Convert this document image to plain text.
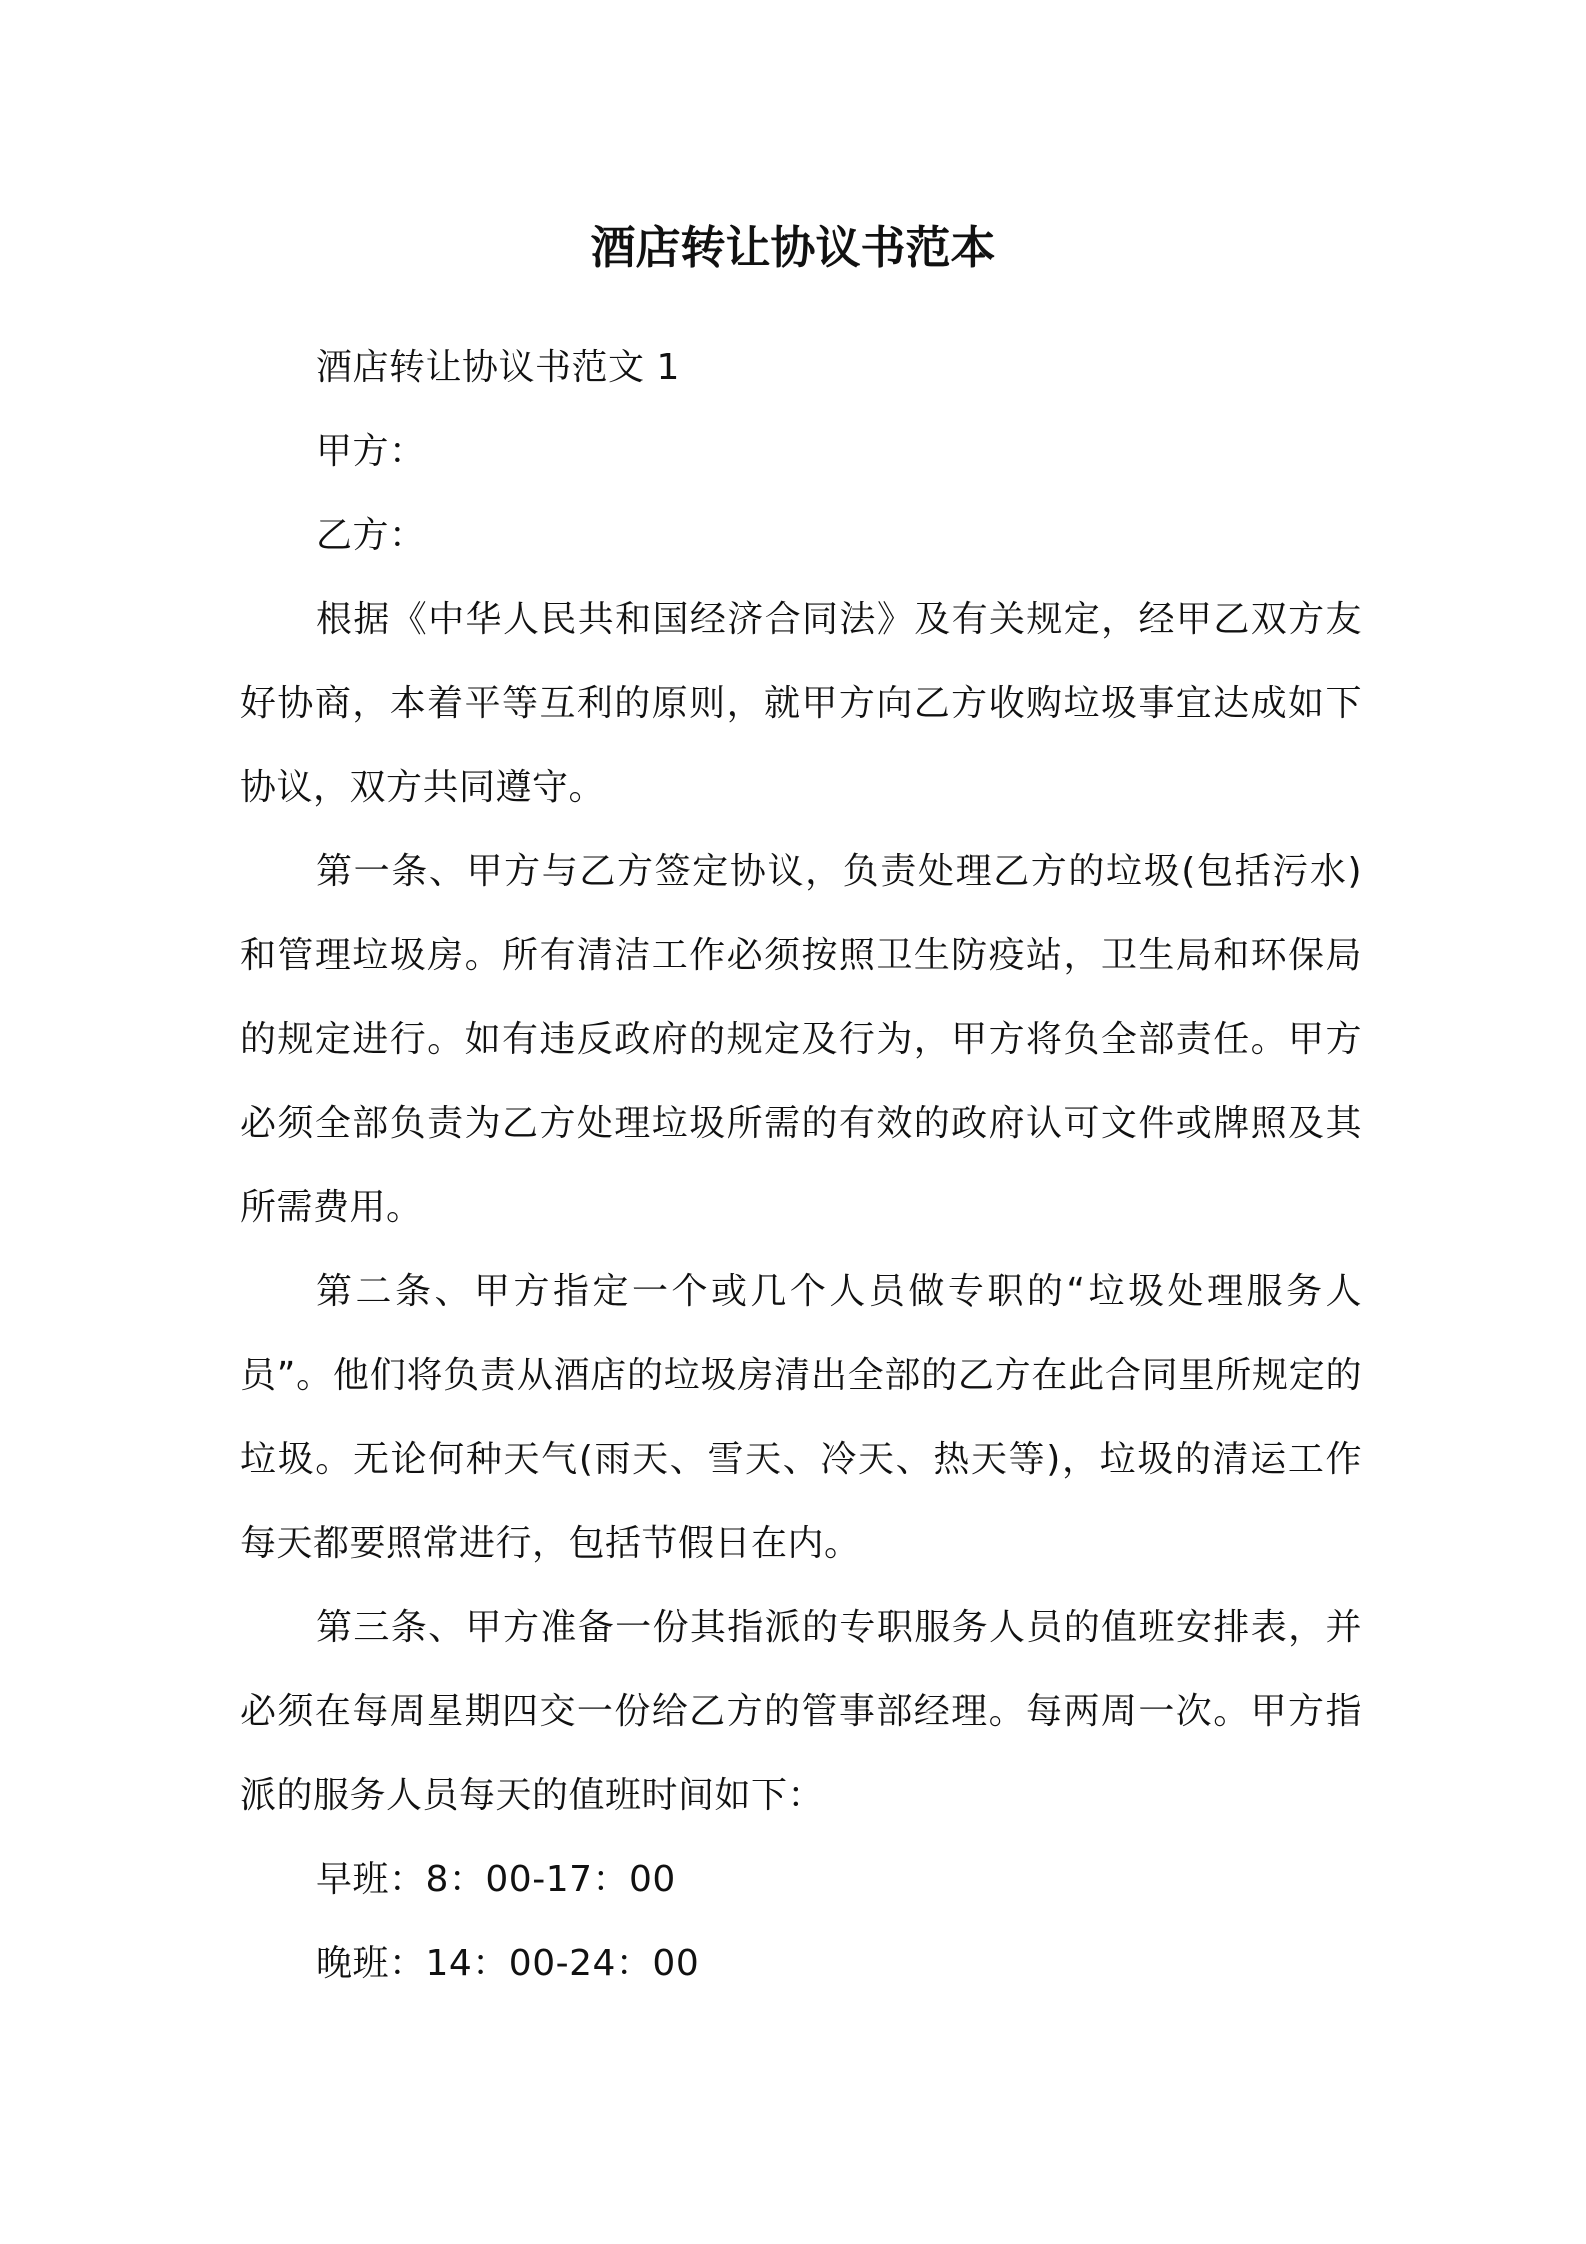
酒店转让协议书范本

酒店转让协议书范文 1

甲方：

乙方：

根据《中华人民共和国经济合同法》及有关规定，经甲乙双方友好协商，本着平等互利的原则，就甲方向乙方收购垃圾事宜达成如下协议，双方共同遵守。

第一条、甲方与乙方签定协议，负责处理乙方的垃圾(包括污水)和管理垃圾房。所有清洁工作必须按照卫生防疫站，卫生局和环保局的规定进行。如有违反政府的规定及行为，甲方将负全部责任。甲方必须全部负责为乙方处理垃圾所需的有效的政府认可文件或牌照及其所需费用。

第二条、甲方指定一个或几个人员做专职的“垃圾处理服务人员”。他们将负责从酒店的垃圾房清出全部的乙方在此合同里所规定的垃圾。无论何种天气(雨天、雪天、冷天、热天等)，垃圾的清运工作每天都要照常进行，包括节假日在内。

第三条、甲方准备一份其指派的专职服务人员的值班安排表，并必须在每周星期四交一份给乙方的管事部经理。每两周一次。甲方指派的服务人员每天的值班时间如下：

早班：8：00-17：00

晚班：14：00-24：00
